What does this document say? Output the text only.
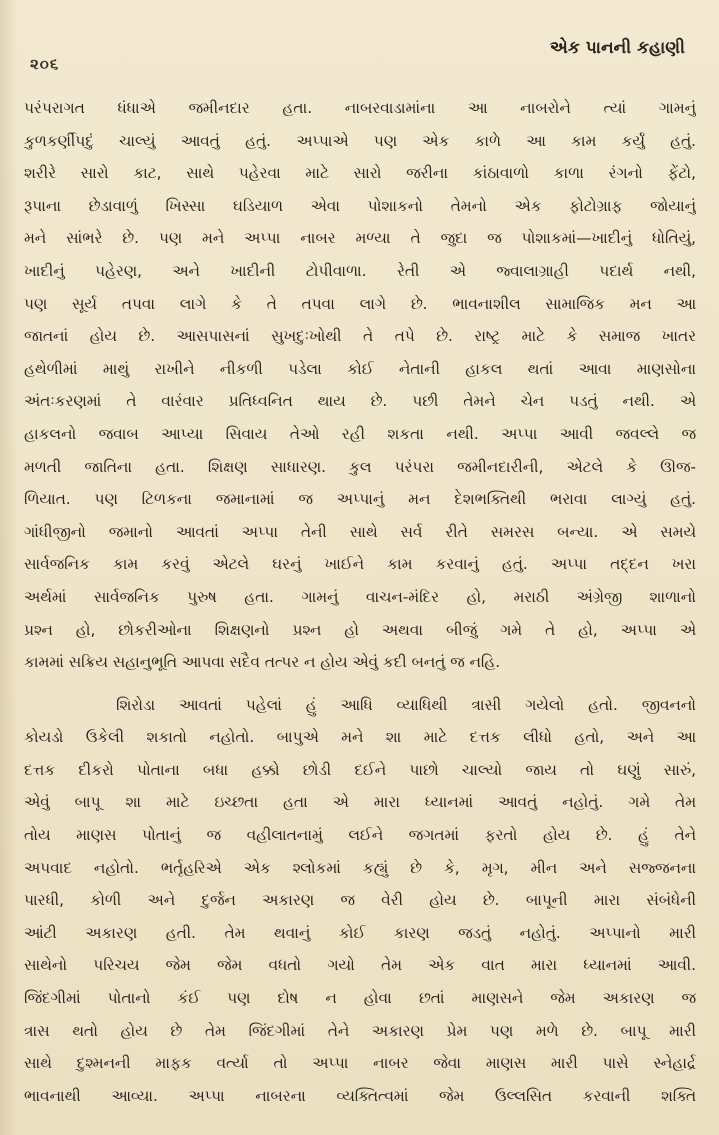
૨૦૬
એક પાનની કહાણી
પરંપરાગત ધંધાએ જમીનદાર હતા. નાબરવાડામાંના આ નાબરોને ત્યાં ગામનું
કુળકર્ણીપદું ચાલ્યું આવતું હતું. અપ્પાએ પણ એક કાળે આ કામ કર્યું હતું.
શરીરે સારો કાટ, સાથે પહેરવા માટે સારો જરીના કાંઠાવાળો કાળા રંગનો ફેંટો,
રૂપાના છેડાવાળું ખિસ્સા ઘડિયાળ એવા પોશાકનો તેમનો એક ફોટોગ્રાફ જોયાનું
મને સાંભરે છે. પણ મને અપ્પા નાબર મળ્યા તે જુદા જ પોશાકમાં—ખાદીનું ધોતિયું,
ખાદીનું પહેરણ, અને ખાદીની ટોપીવાળા. રેતી એ જ્વાલાગ્રાહી પદાર્થ નથી,
પણ સૂર્ય તપવા લાગે કે તે તપવા લાગે છે. ભાવનાશીલ સામાજિક મન આ
જાતનાં હોય છે. આસપાસનાં સુખદુઃખોથી તે તપે છે. રાષ્ટ્ર માટે કે સમાજ ખાતર
હથેળીમાં માથું રાખીને નીકળી પડેલા કોઈ નેતાની હાકલ થતાં આવા માણસોના
અંતઃકરણમાં તે વારંવાર પ્રતિધ્વનિત થાય છે. પછી તેમને ચેન પડતું નથી. એ
હાકલનો જવાબ આપ્યા સિવાય તેઓ રહી શકતા નથી. અપ્પા આવી જવલ્લે જ
મળતી જાતિના હતા. શિક્ષણ સાધારણ. કુલ પરંપરા જમીનદારીની, એટલે કે ઊજ-
ળિયાત. પણ ટિળકના જમાનામાં જ અપ્પાનું મન દેશભક્તિથી ભરાવા લાગ્યું હતું.
ગાંધીજીનો જમાનો આવતાં અપ્પા તેની સાથે સર્વ રીતે સમરસ બન્યા. એ સમયે
સાર્વજનિક કામ કરવું એટલે ઘરનું ખાઈને કામ કરવાનું હતું. અપ્પા તદ્દન ખરા
અર્થમાં સાર્વજનિક પુરુષ હતા. ગામનું વાચન-મંદિર હો, મરાઠી અંગ્રેજી શાળાનો
પ્રશ્ન હો, છોકરીઓના શિક્ષણનો પ્રશ્ન હો અથવા બીજું ગમે તે હો, અપ્પા એ
કામમાં સક્રિય સહાનુભૂતિ આપવા સદૈવ તત્પર ન હોય એવું કદી બનતું જ નહિ.
શિરોડા આવતાં પહેલાં હું આધિ વ્યાધિથી ત્રાસી ગયેલો હતો. જીવનનો
કોયડો ઉકેલી શકાતો નહોતો. બાપુએ મને શા માટે દત્તક લીધો હતો, અને આ
દત્તક દીકરો પોતાના બધા હક્કો છોડી દઈને પાછો ચાલ્યો જાય તો ઘણું સારું,
એવું બાપૂ શા માટે ઇચ્છતા હતા એ મારા ધ્યાનમાં આવતું નહોતું. ગમે તેમ
તોય માણસ પોતાનું જ વહીલાતનામું લઈને જગતમાં ફરતો હોય છે. હું તેને
અપવાદ નહોતો. ભર્તૃહરિએ એક શ્લોકમાં કહ્યું છે કે, મૃગ, મીન અને સજ્જનના
પારધી, કોળી અને દુર્જન અકારણ જ વેરી હોય છે. બાપૂની મારા સંબંધેની
આંટી અકારણ હતી. તેમ થવાનું કોઈ કારણ જડતું નહોતું. અપ્પાનો મારી
સાથેનો પરિચય જેમ જેમ વધતો ગયો તેમ એક વાત મારા ધ્યાનમાં આવી.
જિંદગીમાં પોતાનો કંઈ પણ દોષ ન હોવા છતાં માણસને જેમ અકારણ જ
ત્રાસ થતો હોય છે તેમ જિંદગીમાં તેને અકારણ પ્રેમ પણ મળે છે. બાપૂ મારી
સાથે દુશ્મનની માફક વર્ત્યા તો અપ્પા નાબર જેવા માણસ મારી પાસે સ્નેહાર્દ્ર
ભાવનાથી આવ્યા. અપ્પા નાબરના વ્યક્તિત્વમાં જેમ ઉલ્લસિત કરવાની શક્તિ
